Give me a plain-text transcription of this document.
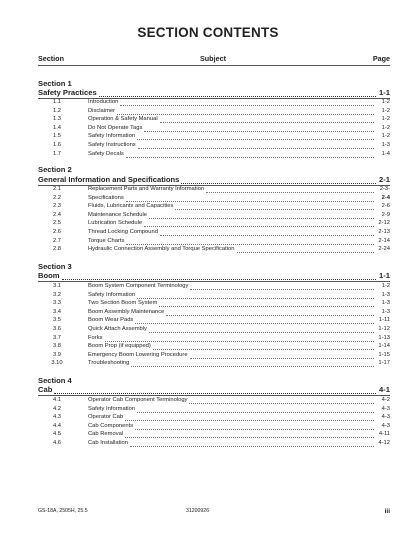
SECTION CONTENTS
Section	Subject	Page
Section 1
Safety Practices	1-1
1.1	Introduction	1-2
1.2	Disclaimer	1-2
1.3	Operation & Safety Manual	1-2
1.4	Do Not Operate Tags	1-2
1.5	Safety Information	1-2
1.6	Safety Instructions	1-3
1.7	Safety Decals	1-4
Section 2
General Information and Specifications	2-1
2.1	Replacement Parts and Warranty Information	2-3-
2.2	Specifications	2-4
2.3	Fluids, Lubricants and Capacities	2-6
2.4	Maintenance Schedule	2-9
2.5	Lubrication Schedule	2-12
2.6	Thread Locking Compound	2-13
2.7	Torque Charts	2-14
2.8	Hydraulic Connection Assembly and Torque Specification	2-24
Section 3
Boom	1-1
3.1	Boom System Component Terminology	1-2
3.2	Safety Information	1-3
3.3	Two Section Boom System	1-3
3.4	Boom Assembly Maintenance	1-3
3.5	Boom Wear Pads	1-11
3.6	Quick Attach Assembly	1-12
3.7	Forks	1-13
3.8	Boom Prop (if equipped)	1-14
3.9	Emergency Boom Lowering Procedure	1-15
3.10	Troubleshooting	1-17
Section 4
Cab	4-1
4.1	Operator Cab Component Terminology	4-2
4.2	Safety Information	4-3
4.3	Operator Cab	4-3
4.4	Cab Components	4-3
4.5	Cab Removal	4-11
4.6	Cab Installation	4-12
GS-18A, 2505H, 25.5	31200926	iii
